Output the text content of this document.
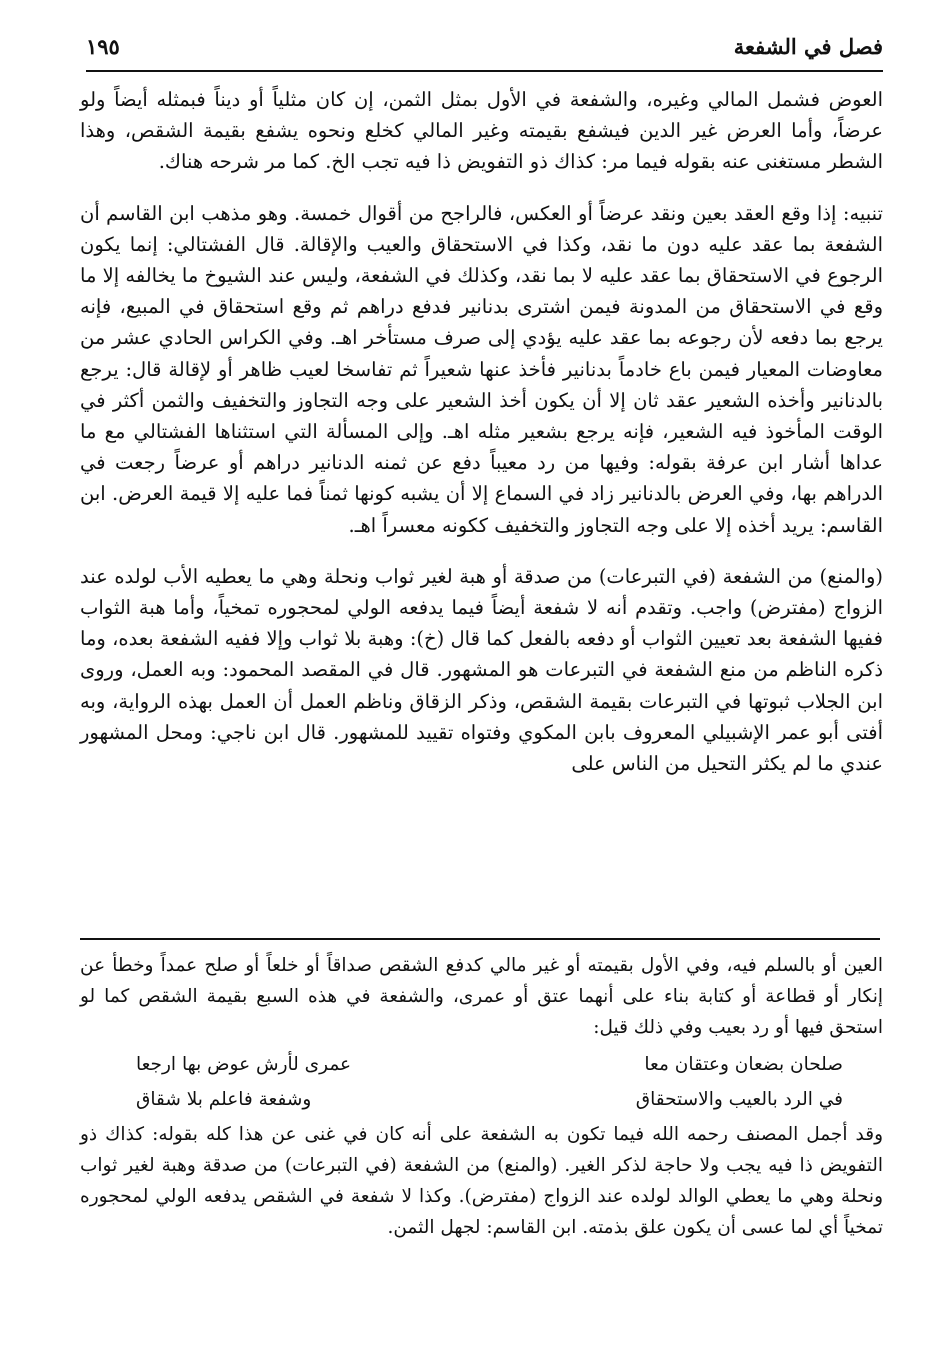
فصل في الشفعة
١٩٥

العوض فشمل المالي وغيره، والشفعة في الأول بمثل الثمن، إن كان مثلياً أو ديناً فبمثله أيضاً ولو عرضاً، وأما العرض غير الدين فيشفع بقيمته وغير المالي كخلع ونحوه يشفع بقيمة الشقص، وهذا الشطر مستغنى عنه بقوله فيما مر: كذاك ذو التفويض ذا فيه تجب الخ. كما مر شرحه هناك.

تنبيه: إذا وقع العقد بعين ونقد عرضاً أو العكس، فالراجح من أقوال خمسة. وهو مذهب ابن القاسم أن الشفعة بما عقد عليه دون ما نقد، وكذا في الاستحقاق والعيب والإقالة. قال الفشتالي: إنما يكون الرجوع في الاستحقاق بما عقد عليه لا بما نقد، وكذلك في الشفعة، وليس عند الشيوخ ما يخالفه إلا ما وقع في الاستحقاق من المدونة فيمن اشترى بدنانير فدفع دراهم ثم وقع استحقاق في المبيع، فإنه يرجع بما دفعه لأن رجوعه بما عقد عليه يؤدي إلى صرف مستأخر اهـ. وفي الكراس الحادي عشر من معاوضات المعيار فيمن باع خادماً بدنانير فأخذ عنها شعيراً ثم تفاسخا لعيب ظاهر أو لإقالة قال: يرجع بالدنانير وأخذه الشعير عقد ثان إلا أن يكون أخذ الشعير على وجه التجاوز والتخفيف والثمن أكثر في الوقت المأخوذ فيه الشعير، فإنه يرجع بشعير مثله اهـ. وإلى المسألة التي استثناها الفشتالي مع ما عداها أشار ابن عرفة بقوله: وفيها من رد معيباً دفع عن ثمنه الدنانير دراهم أو عرضاً رجعت في الدراهم بها، وفي العرض بالدنانير زاد في السماع إلا أن يشبه كونها ثمناً فما عليه إلا قيمة العرض. ابن القاسم: يريد أخذه إلا على وجه التجاوز والتخفيف ككونه معسراً اهـ.

(والمنع) من الشفعة (في التبرعات) من صدقة أو هبة لغير ثواب ونحلة وهي ما يعطيه الأب لولده عند الزواج (مفترض) واجب. وتقدم أنه لا شفعة أيضاً فيما يدفعه الولي لمحجوره تمخياً، وأما هبة الثواب ففيها الشفعة بعد تعيين الثواب أو دفعه بالفعل كما قال (خ): وهبة بلا ثواب وإلا ففيه الشفعة بعده، وما ذكره الناظم من منع الشفعة في التبرعات هو المشهور. قال في المقصد المحمود: وبه العمل، وروى ابن الجلاب ثبوتها في التبرعات بقيمة الشقص، وذكر الزقاق وناظم العمل أن العمل بهذه الرواية، وبه أفتى أبو عمر الإشبيلي المعروف بابن المكوي وفتواه تقييد للمشهور. قال ابن ناجي: ومحل المشهور عندي ما لم يكثر التحيل من الناس على

العين أو بالسلم فيه، وفي الأول بقيمته أو غير مالي كدفع الشقص صداقاً أو خلعاً أو صلح عمداً وخطأ عن إنكار أو قطاعة أو كتابة بناء على أنهما عتق أو عمرى، والشفعة في هذه السبع بقيمة الشقص كما لو استحق فيها أو رد بعيب وفي ذلك قيل:

صلحان بضعان وعتقان معا
عمرى لأرش عوض بها ارجعا
في الرد بالعيب والاستحقاق
وشفعة فاعلم بلا شقاق

وقد أجمل المصنف رحمه الله فيما تكون به الشفعة على أنه كان في غنى عن هذا كله بقوله: كذاك ذو التفويض ذا فيه يجب ولا حاجة لذكر الغير. (والمنع) من الشفعة (في التبرعات) من صدقة وهبة لغير ثواب ونحلة وهي ما يعطي الوالد لولده عند الزواج (مفترض). وكذا لا شفعة في الشقص يدفعه الولي لمحجوره تمخياً أي لما عسى أن يكون علق بذمته. ابن القاسم: لجهل الثمن.
